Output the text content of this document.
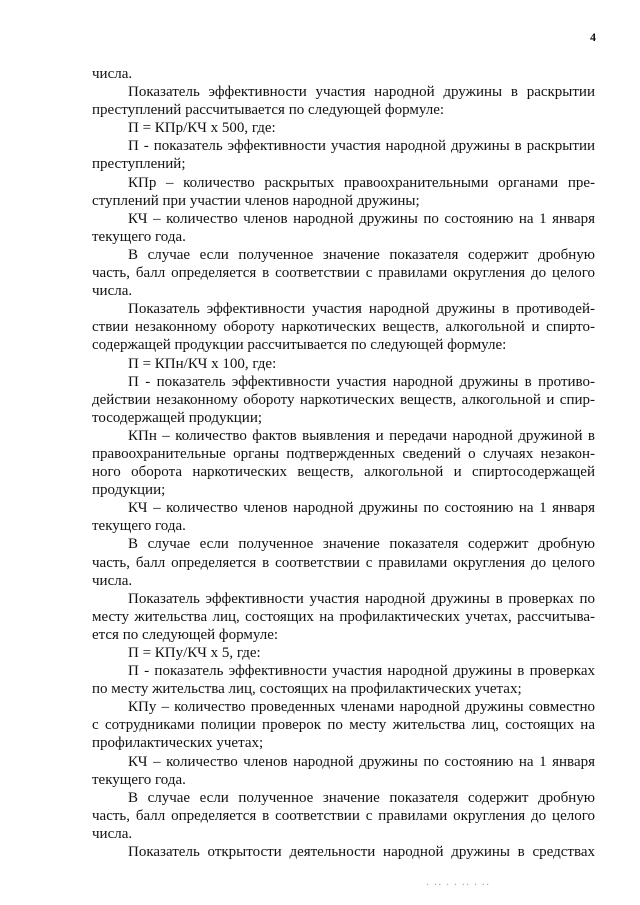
4
числа.
Показатель эффективности участия народной дружины в раскрытии
преступлений рассчитывается по следующей формуле:
П = КПр/КЧ х 500, где:
П - показатель эффективности участия народной дружины в раскрытии
преступлений;
КПр – количество раскрытых правоохранительными органами пре-
ступлений при участии членов народной дружины;
КЧ – количество членов народной дружины по состоянию на 1 января
текущего года.
В случае если полученное значение показателя содержит дробную
часть, балл определяется в соответствии с правилами округления до целого
числа.
Показатель эффективности участия народной дружины в противодей-
ствии незаконному обороту наркотических веществ, алкогольной и спирто-
содержащей продукции рассчитывается по следующей формуле:
П = КПн/КЧ х 100, где:
П - показатель эффективности участия народной дружины в противо-
действии незаконному обороту наркотических веществ, алкогольной и спир-
тосодержащей продукции;
КПн – количество фактов выявления и передачи народной дружиной в
правоохранительные органы подтвержденных сведений о случаях незакон-
ного оборота наркотических веществ, алкогольной и спиртосодержащей
продукции;
КЧ – количество членов народной дружины по состоянию на 1 января
текущего года.
В случае если полученное значение показателя содержит дробную
часть, балл определяется в соответствии с правилами округления до целого
числа.
Показатель эффективности участия народной дружины в проверках по
месту жительства лиц, состоящих на профилактических учетах, рассчитыва-
ется по следующей формуле:
П = КПу/КЧ х 5, где:
П - показатель эффективности участия народной дружины в проверках
по месту жительства лиц, состоящих на профилактических учетах;
КПу – количество проведенных членами народной дружины совместно
с сотрудниками полиции проверок по месту жительства лиц, состоящих на
профилактических учетах;
КЧ – количество членов народной дружины по состоянию на 1 января
текущего года.
В случае если полученное значение показателя содержит дробную
часть, балл определяется в соответствии с правилами округления до целого
числа.
Показатель открытости деятельности народной дружины в средствах
· ·· · · ·· · ··
